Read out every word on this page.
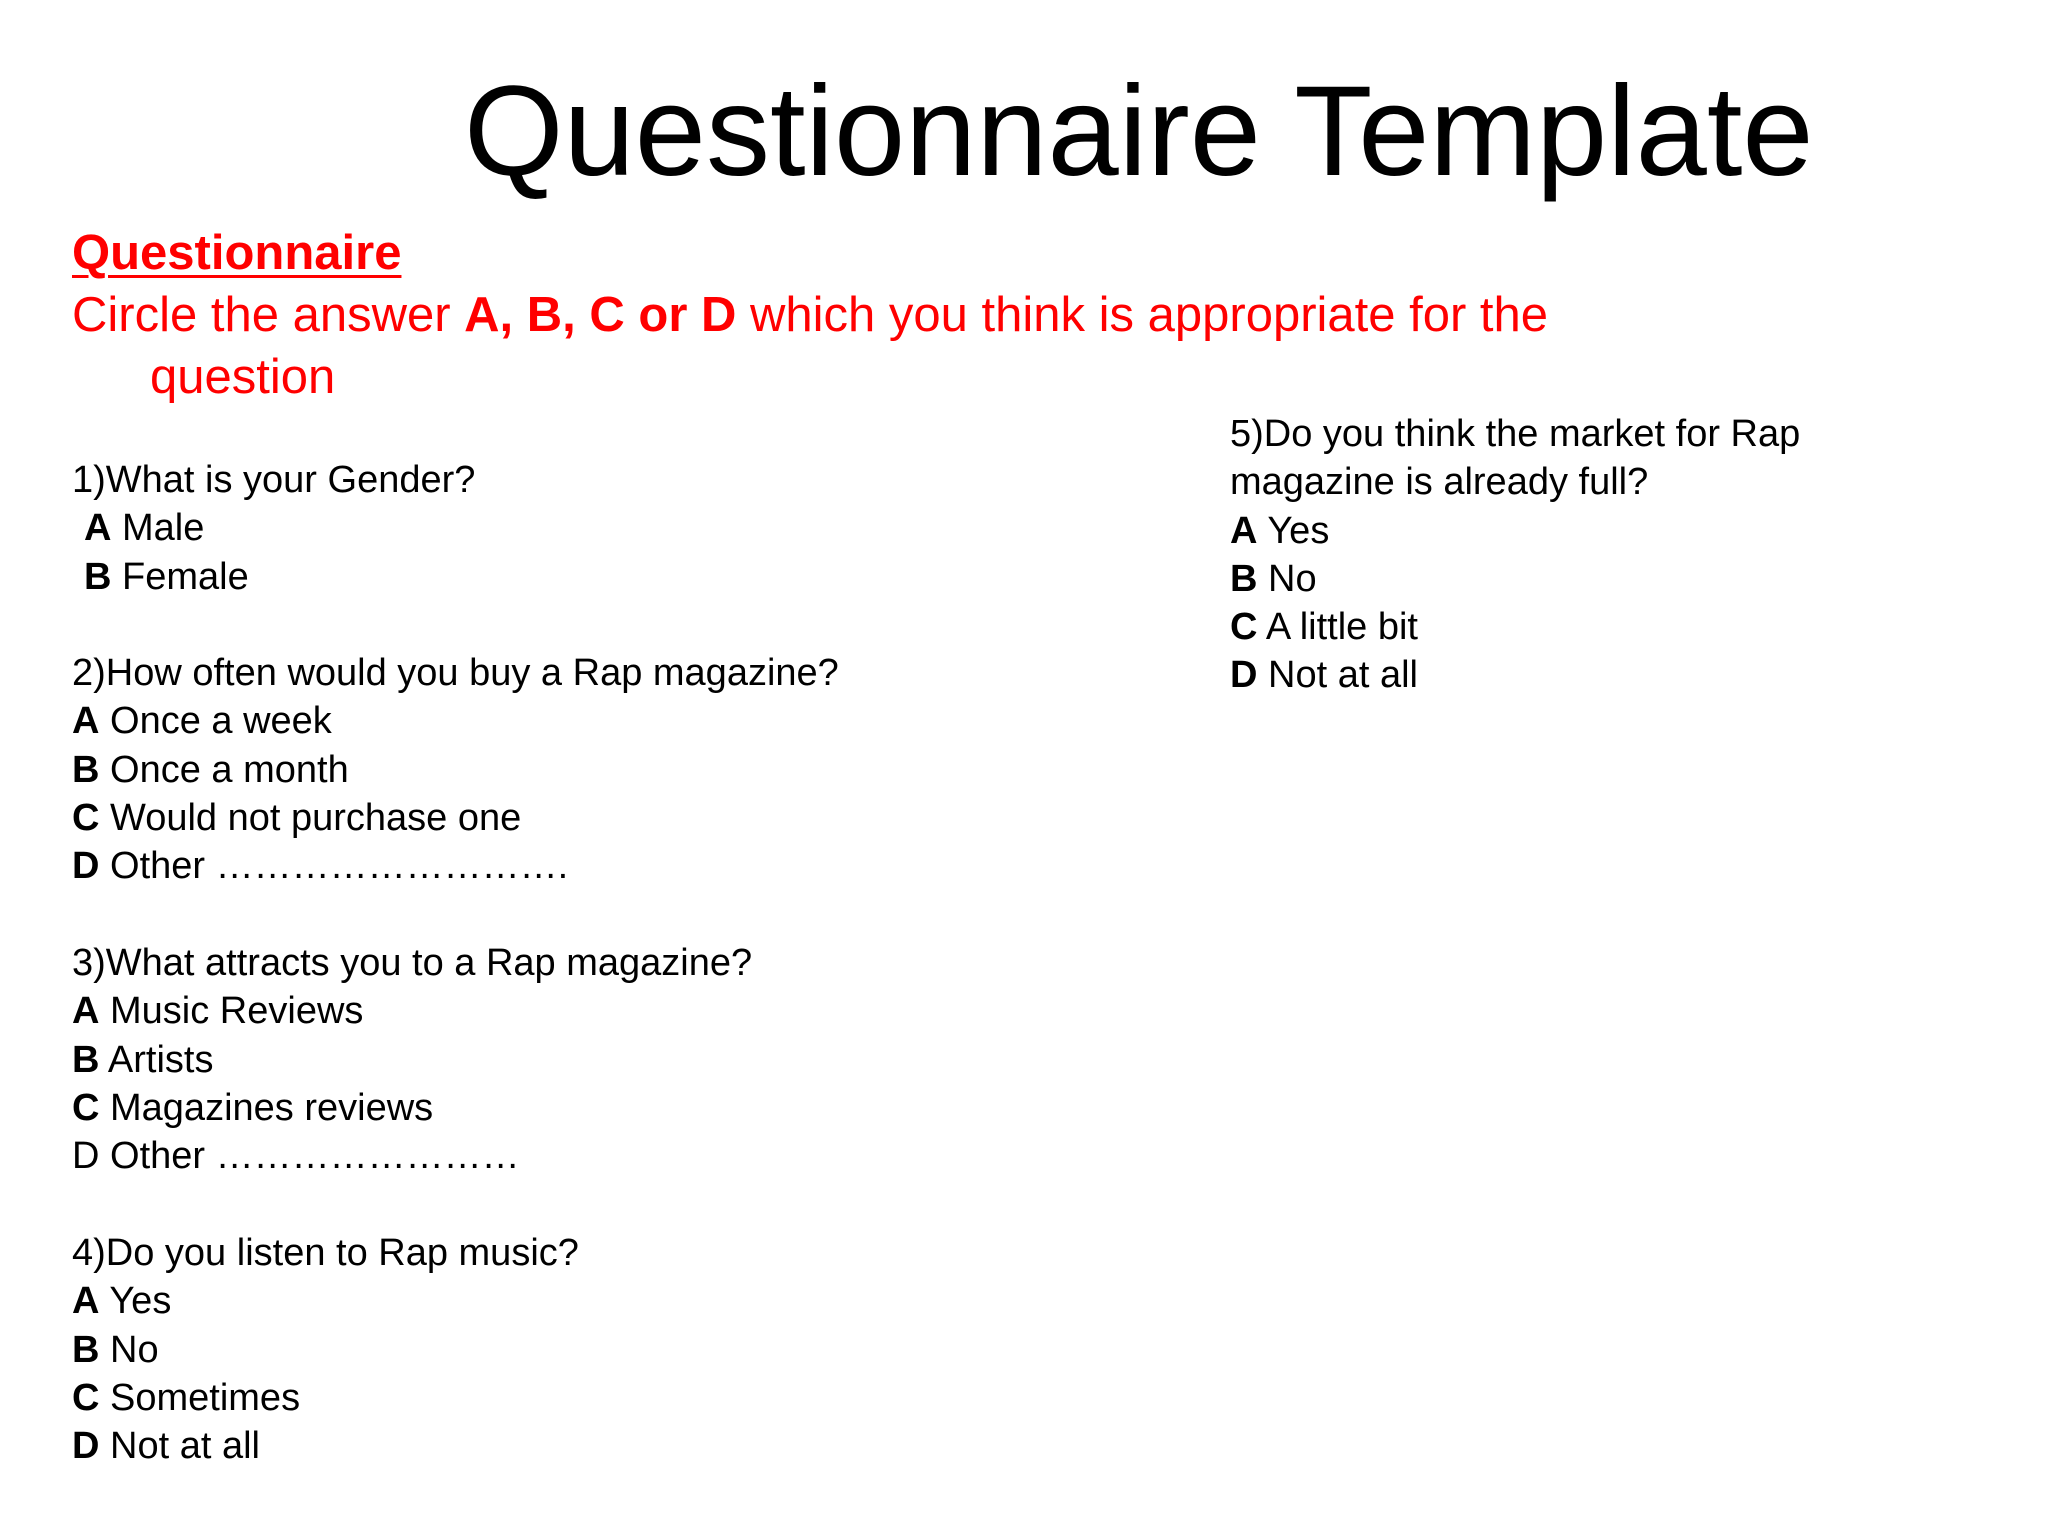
Questionnaire Template
Questionnaire
Circle the answer A, B, C or D which you think is appropriate for the
question
1)What is your Gender?
A Male
B Female
2)How often would you buy a Rap magazine?
A Once a week
B Once a month
C Would not purchase one
D Other ……………………….
3)What attracts you to a Rap magazine?
A Music Reviews
B Artists
C Magazines reviews
D Other ……………………
4)Do you listen to Rap music?
A Yes
B No
C Sometimes
D Not at all
5)Do you think the market for Rap
magazine is already full?
A Yes
B No
C A little bit
D Not at all
